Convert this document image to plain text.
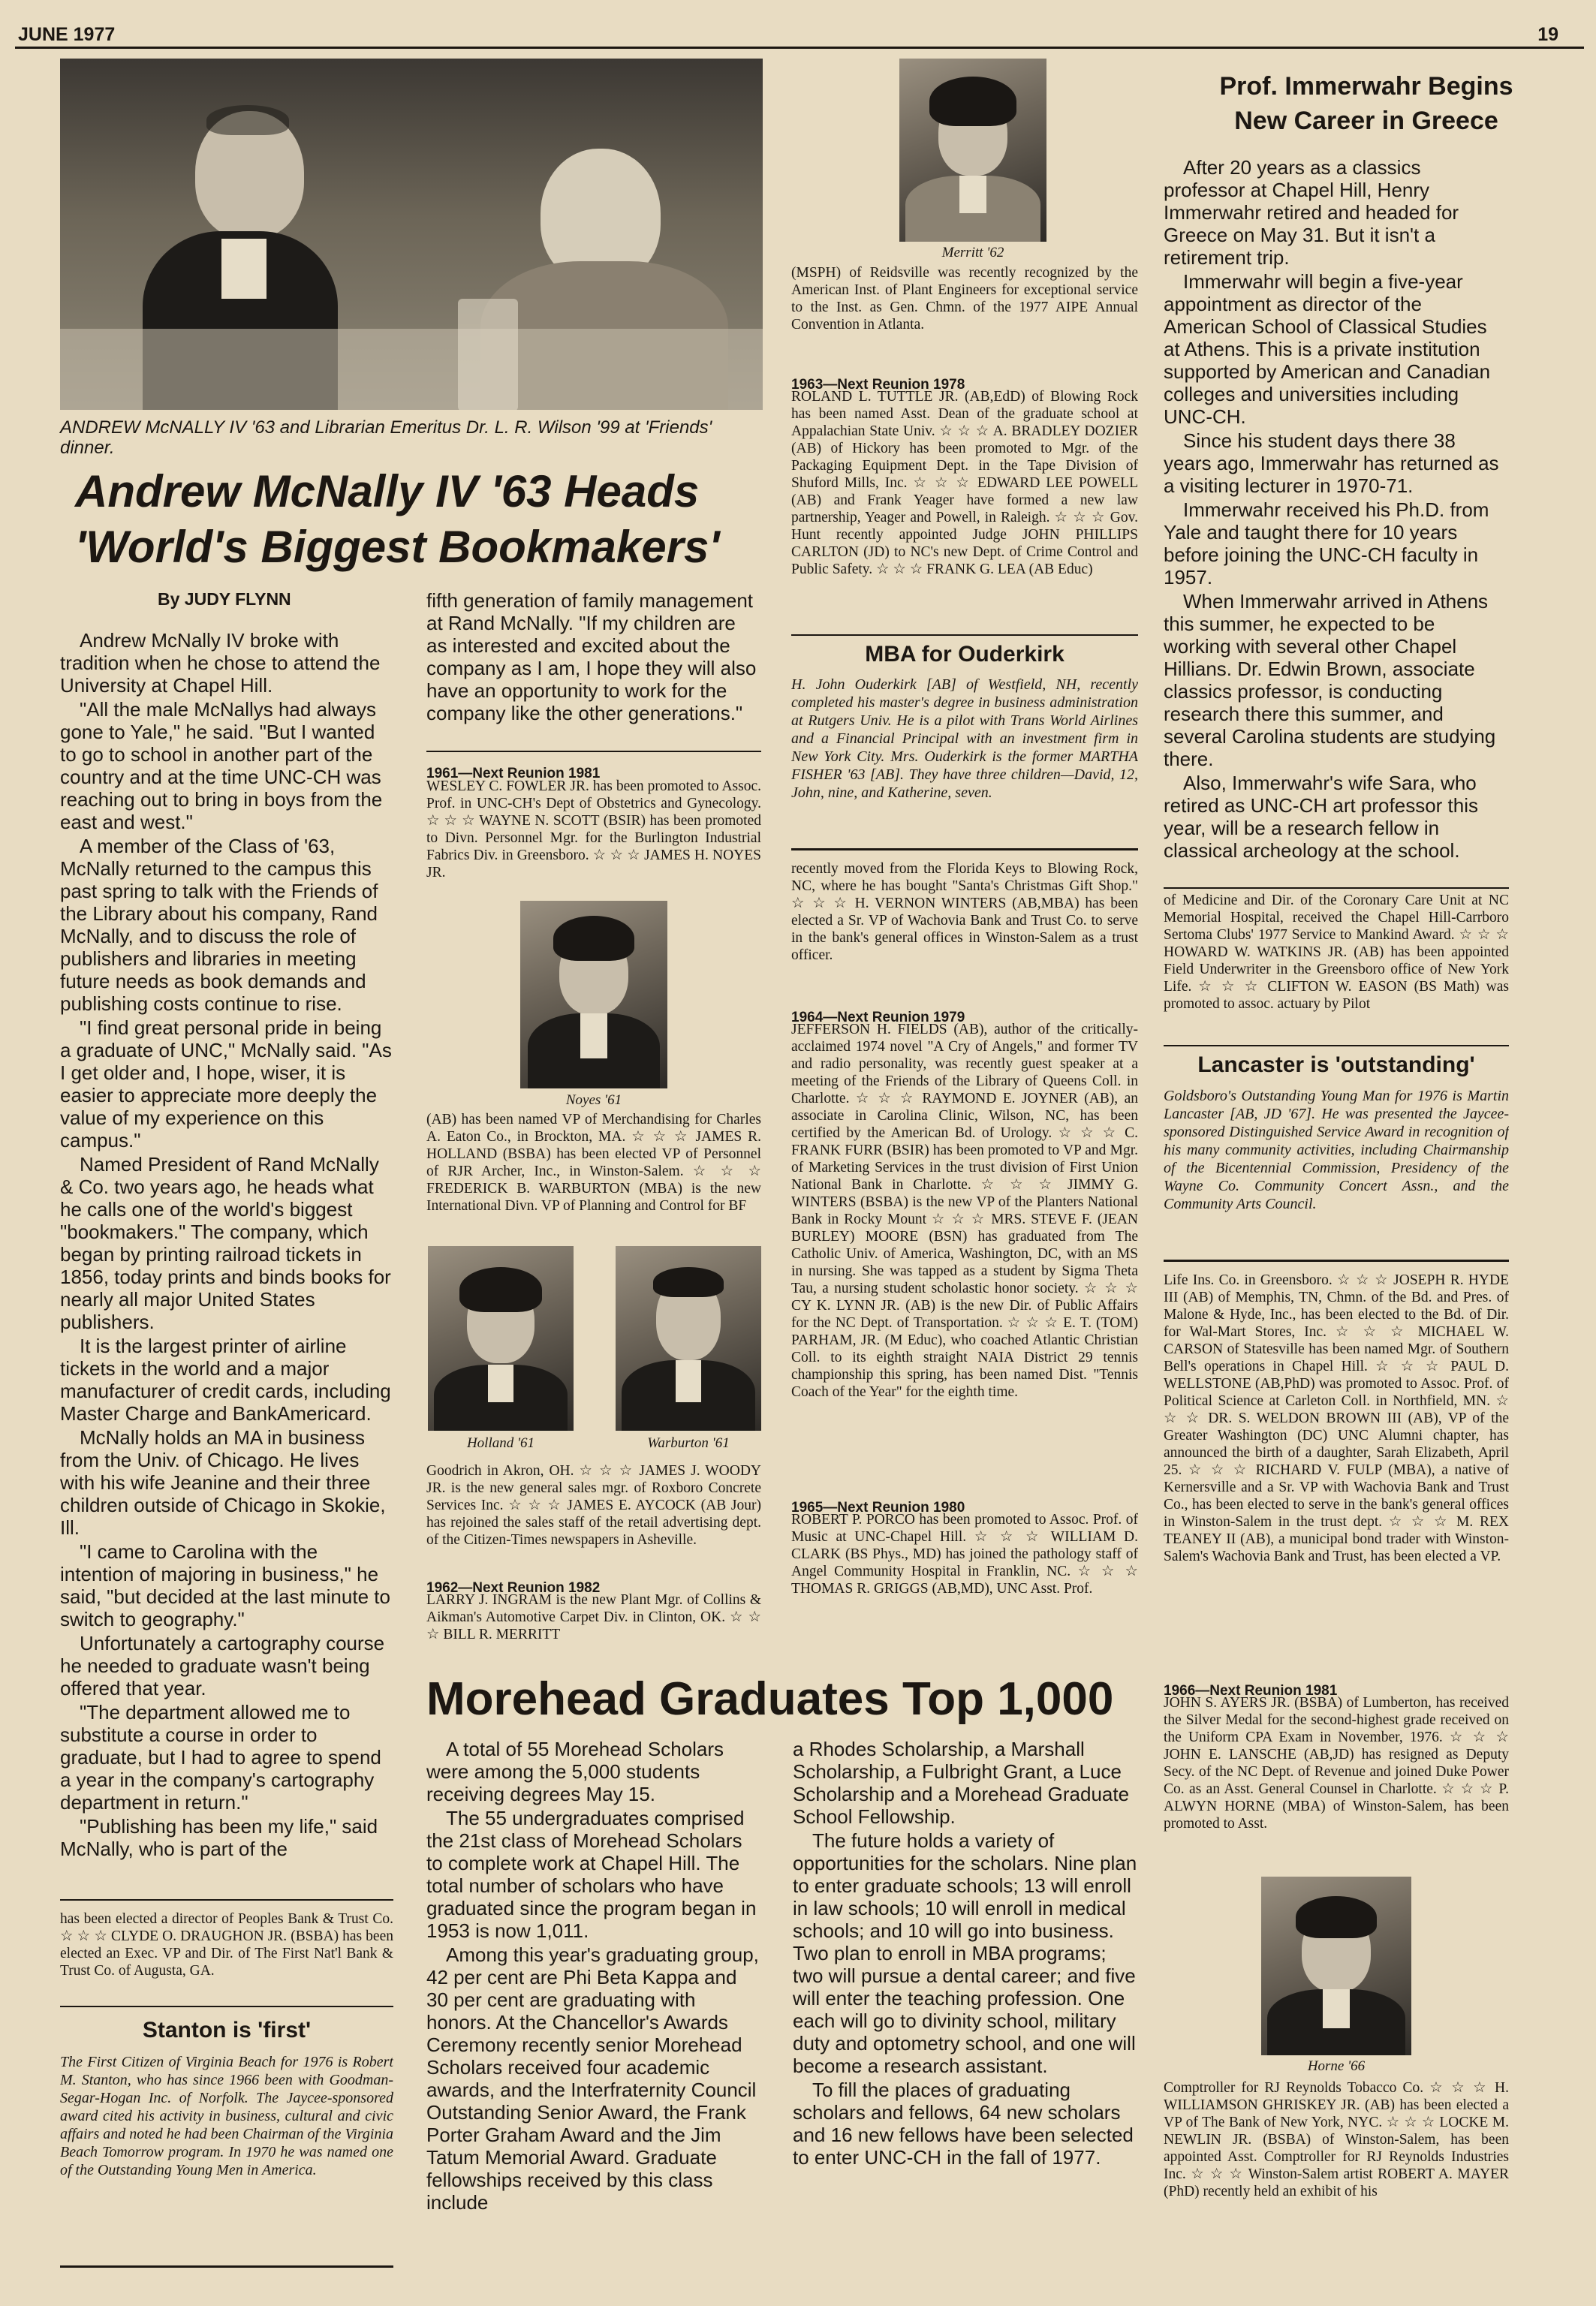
JUNE 1977	19
ANDREW McNALLY IV '63 and Librarian Emeritus Dr. L. R. Wilson '99 at 'Friends' dinner.
Andrew McNally IV '63 Heads
'World's Biggest Bookmakers'
By JUDY FLYNN

Andrew McNally IV broke with tradition when he chose to attend the University at Chapel Hill.

"All the male McNallys had always gone to Yale," he said. "But I wanted to go to school in another part of the country and at the time UNC-CH was reaching out to bring in boys from the east and west."

A member of the Class of '63, McNally returned to the campus this past spring to talk with the Friends of the Library about his company, Rand McNally, and to discuss the role of publishers and libraries in meeting future needs as book demands and publishing costs continue to rise.

"I find great personal pride in being a graduate of UNC," McNally said. "As I get older and, I hope, wiser, it is easier to appreciate more deeply the value of my experience on this campus."

Named President of Rand McNally & Co. two years ago, he heads what he calls one of the world's biggest "bookmakers." The company, which began by printing railroad tickets in 1856, today prints and binds books for nearly all major United States publishers.

It is the largest printer of airline tickets in the world and a major manufacturer of credit cards, including Master Charge and BankAmericard.

McNally holds an MA in business from the Univ. of Chicago. He lives with his wife Jeanine and their three children outside of Chicago in Skokie, Ill.

"I came to Carolina with the intention of majoring in business," he said, "but decided at the last minute to switch to geography."

Unfortunately a cartography course he needed to graduate wasn't being offered that year.

"The department allowed me to substitute a course in order to graduate, but I had to agree to spend a year in the company's cartography department in return."

"Publishing has been my life," said McNally, who is part of the

has been elected a director of Peoples Bank & Trust Co. ☆ ☆ ☆ CLYDE O. DRAUGHON JR. (BSBA) has been elected an Exec. VP and Dir. of The First Nat'l Bank & Trust Co. of Augusta, GA.
Stanton is 'first'
The First Citizen of Virginia Beach for 1976 is Robert M. Stanton, who has since 1966 been with Goodman-Segar-Hogan Inc. of Norfolk. The Jaycee-sponsored award cited his activity in business, cultural and civic affairs and noted he had been Chairman of the Virginia Beach Tomorrow program. In 1970 he was named one of the Outstanding Young Men in America.

fifth generation of family management at Rand McNally. "If my children are as interested and excited about the company as I am, I hope they will also have an opportunity to work for the company like the other generations."

1961—Next Reunion 1981
WESLEY C. FOWLER JR. has been promoted to Assoc. Prof. in UNC-CH's Dept of Obstetrics and Gynecology. ☆ ☆ ☆ WAYNE N. SCOTT (BSIR) has been promoted to Divn. Personnel Mgr. for the Burlington Industrial Fabrics Div. in Greensboro. ☆ ☆ ☆ JAMES H. NOYES JR.
Noyes '61
(AB) has been named VP of Merchandising for Charles A. Eaton Co., in Brockton, MA. ☆ ☆ ☆ JAMES R. HOLLAND (BSBA) has been elected VP of Personnel of RJR Archer, Inc., in Winston-Salem. ☆ ☆ ☆ FREDERICK B. WARBURTON (MBA) is the new International Divn. VP of Planning and Control for BF
Holland '61	Warburton '61
Goodrich in Akron, OH. ☆ ☆ ☆ JAMES J. WOODY JR. is the new general sales mgr. of Roxboro Concrete Services Inc. ☆ ☆ ☆ JAMES E. AYCOCK (AB Jour) has rejoined the sales staff of the retail advertising dept. of the Citizen-Times newspapers in Asheville.
1962—Next Reunion 1982
LARRY J. INGRAM is the new Plant Mgr. of Collins & Aikman's Automotive Carpet Div. in Clinton, OK. ☆ ☆ ☆ BILL R. MERRITT
Merritt '62
(MSPH) of Reidsville was recently recognized by the American Inst. of Plant Engineers for exceptional service to the Inst. as Gen. Chmn. of the 1977 AIPE Annual Convention in Atlanta.
1963—Next Reunion 1978
ROLAND L. TUTTLE JR. (AB,EdD) of Blowing Rock has been named Asst. Dean of the graduate school at Appalachian State Univ. ☆ ☆ ☆ A. BRADLEY DOZIER (AB) of Hickory has been promoted to Mgr. of the Packaging Equipment Dept. in the Tape Division of Shuford Mills, Inc. ☆ ☆ ☆ EDWARD LEE POWELL (AB) and Frank Yeager have formed a new law partnership, Yeager and Powell, in Raleigh. ☆ ☆ ☆ Gov. Hunt recently appointed Judge JOHN PHILLIPS CARLTON (JD) to NC's new Dept. of Crime Control and Public Safety. ☆ ☆ ☆ FRANK G. LEA (AB Educ)
MBA for Ouderkirk
H. John Ouderkirk [AB] of Westfield, NH, recently completed his master's degree in business administration at Rutgers Univ. He is a pilot with Trans World Airlines and a Financial Principal with an investment firm in New York City. Mrs. Ouderkirk is the former MARTHA FISHER '63 [AB]. They have three children—David, 12, John, nine, and Katherine, seven.
recently moved from the Florida Keys to Blowing Rock, NC, where he has bought "Santa's Christmas Gift Shop." ☆ ☆ ☆ H. VERNON WINTERS (AB,MBA) has been elected a Sr. VP of Wachovia Bank and Trust Co. to serve in the bank's general offices in Winston-Salem as a trust officer.
1964—Next Reunion 1979
JEFFERSON H. FIELDS (AB), author of the critically-acclaimed 1974 novel "A Cry of Angels," and former TV and radio personality, was recently guest speaker at a meeting of the Friends of the Library of Queens Coll. in Charlotte. ☆ ☆ ☆ RAYMOND E. JOYNER (AB), an associate in Carolina Clinic, Wilson, NC, has been certified by the American Bd. of Urology. ☆ ☆ ☆ C. FRANK FURR (BSIR) has been promoted to VP and Mgr. of Marketing Services in the trust division of First Union National Bank in Charlotte. ☆ ☆ ☆ JIMMY G. WINTERS (BSBA) is the new VP of the Planters National Bank in Rocky Mount ☆ ☆ ☆ MRS. STEVE F. (JEAN BURLEY) MOORE (BSN) has graduated from The Catholic Univ. of America, Washington, DC, with an MS in nursing. She was tapped as a student by Sigma Theta Tau, a nursing student scholastic honor society. ☆ ☆ ☆ CY K. LYNN JR. (AB) is the new Dir. of Public Affairs for the NC Dept. of Transportation. ☆ ☆ ☆ E. T. (TOM) PARHAM, JR. (M Educ), who coached Atlantic Christian Coll. to its eighth straight NAIA District 29 tennis championship this spring, has been named Dist. "Tennis Coach of the Year" for the eighth time.
1965—Next Reunion 1980
ROBERT P. PORCO has been promoted to Assoc. Prof. of Music at UNC-Chapel Hill. ☆ ☆ ☆ WILLIAM D. CLARK (BS Phys., MD) has joined the pathology staff of Angel Community Hospital in Franklin, NC. ☆ ☆ ☆ THOMAS R. GRIGGS (AB,MD), UNC Asst. Prof.
Prof. Immerwahr Begins
New Career in Greece

After 20 years as a classics professor at Chapel Hill, Henry Immerwahr retired and headed for Greece on May 31. But it isn't a retirement trip.

Immerwahr will begin a five-year appointment as director of the American School of Classical Studies at Athens. This is a private institution supported by American and Canadian colleges and universities including UNC-CH.

Since his student days there 38 years ago, Immerwahr has returned as a visiting lecturer in 1970-71.

Immerwahr received his Ph.D. from Yale and taught there for 10 years before joining the UNC-CH faculty in 1957.

When Immerwahr arrived in Athens this summer, he expected to be working with several other Chapel Hillians. Dr. Edwin Brown, associate classics professor, is conducting research there this summer, and several Carolina students are studying there.

Also, Immerwahr's wife Sara, who retired as UNC-CH art professor this year, will be a research fellow in classical archeology at the school.

of Medicine and Dir. of the Coronary Care Unit at NC Memorial Hospital, received the Chapel Hill-Carrboro Sertoma Clubs' 1977 Service to Mankind Award. ☆ ☆ ☆ HOWARD W. WATKINS JR. (AB) has been appointed Field Underwriter in the Greensboro office of New York Life. ☆ ☆ ☆ CLIFTON W. EASON (BS Math) was promoted to assoc. actuary by Pilot
Lancaster is 'outstanding'
Goldsboro's Outstanding Young Man for 1976 is Martin Lancaster [AB, JD '67]. He was presented the Jaycee-sponsored Distinguished Service Award in recognition of his many community activities, including Chairmanship of the Bicentennial Commission, Presidency of the Wayne Co. Community Concert Assn., and the Community Arts Council.
Life Ins. Co. in Greensboro. ☆ ☆ ☆ JOSEPH R. HYDE III (AB) of Memphis, TN, Chmn. of the Bd. and Pres. of Malone & Hyde, Inc., has been elected to the Bd. of Dir. for Wal-Mart Stores, Inc. ☆ ☆ ☆ MICHAEL W. CARSON of Statesville has been named Mgr. of Southern Bell's operations in Chapel Hill. ☆ ☆ ☆ PAUL D. WELLSTONE (AB,PhD) was promoted to Assoc. Prof. of Political Science at Carleton Coll. in Northfield, MN. ☆ ☆ ☆ DR. S. WELDON BROWN III (AB), VP of the Greater Washington (DC) UNC Alumni chapter, has announced the birth of a daughter, Sarah Elizabeth, April 25. ☆ ☆ ☆ RICHARD V. FULP (MBA), a native of Kernersville and a Sr. VP with Wachovia Bank and Trust Co., has been elected to serve in the bank's general offices in Winston-Salem in the trust dept. ☆ ☆ ☆ M. REX TEANEY II (AB), a municipal bond trader with Winston-Salem's Wachovia Bank and Trust, has been elected a VP.
1966—Next Reunion 1981
JOHN S. AYERS JR. (BSBA) of Lumberton, has received the Silver Medal for the second-highest grade received on the Uniform CPA Exam in November, 1976. ☆ ☆ ☆ JOHN E. LANSCHE (AB,JD) has resigned as Deputy Secy. of the NC Dept. of Revenue and joined Duke Power Co. as an Asst. General Counsel in Charlotte. ☆ ☆ ☆ P. ALWYN HORNE (MBA) of Winston-Salem, has been promoted to Asst.
Horne '66
Comptroller for RJ Reynolds Tobacco Co. ☆ ☆ ☆ H. WILLIAMSON GHRISKEY JR. (AB) has been elected a VP of The Bank of New York, NYC. ☆ ☆ ☆ LOCKE M. NEWLIN JR. (BSBA) of Winston-Salem, has been appointed Asst. Comptroller for RJ Reynolds Industries Inc. ☆ ☆ ☆ Winston-Salem artist ROBERT A. MAYER (PhD) recently held an exhibit of his
Morehead Graduates Top 1,000

A total of 55 Morehead Scholars were among the 5,000 students receiving degrees May 15.

The 55 undergraduates comprised the 21st class of Morehead Scholars to complete work at Chapel Hill. The total number of scholars who have graduated since the program began in 1953 is now 1,011.

Among this year's graduating group, 42 per cent are Phi Beta Kappa and 30 per cent are graduating with honors. At the Chancellor's Awards Ceremony recently senior Morehead Scholars received four academic awards, and the Interfraternity Council Outstanding Senior Award, the Frank Porter Graham Award and the Jim Tatum Memorial Award. Graduate fellowships received by this class include

a Rhodes Scholarship, a Marshall Scholarship, a Fulbright Grant, a Luce Scholarship and a Morehead Graduate School Fellowship.

The future holds a variety of opportunities for the scholars. Nine plan to enter graduate schools; 13 will enroll in law schools; 10 will enroll in medical schools; and 10 will go into business. Two plan to enroll in MBA programs; two will pursue a dental career; and five will enter the teaching profession. One each will go to divinity school, military duty and optometry school, and one will become a research assistant.

To fill the places of graduating scholars and fellows, 64 new scholars and 16 new fellows have been selected to enter UNC-CH in the fall of 1977.
